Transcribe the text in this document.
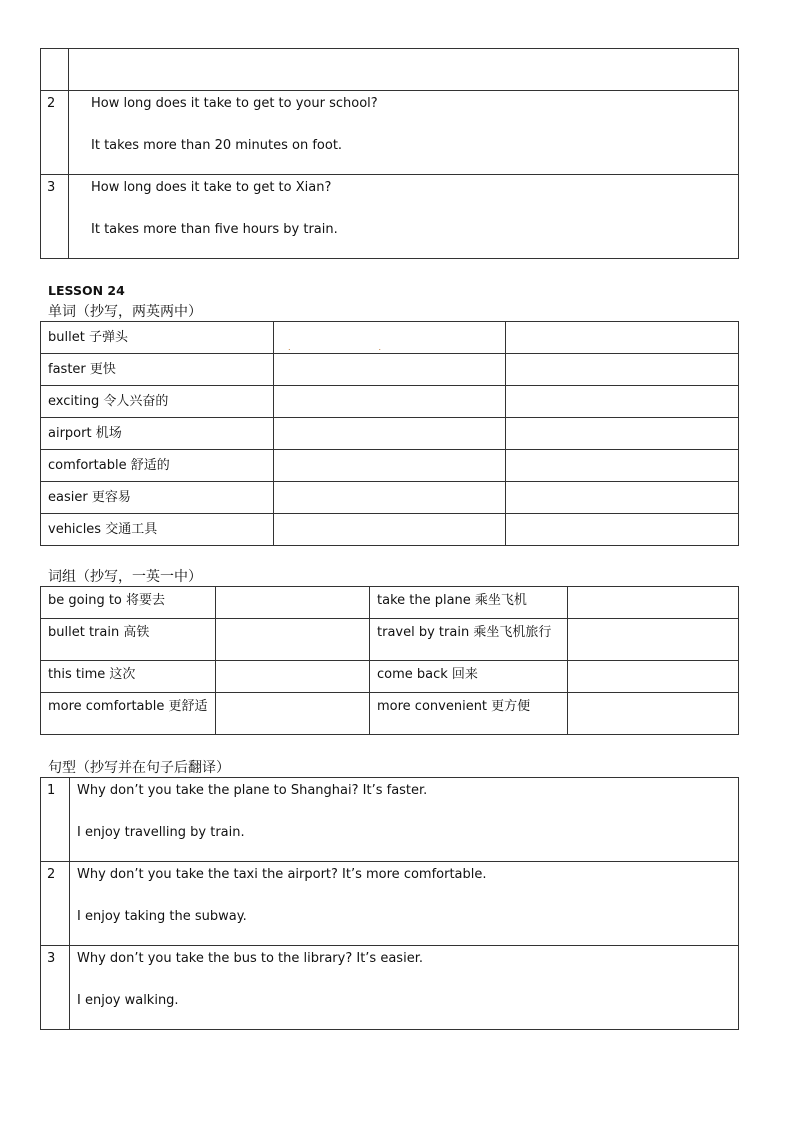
2	How long does it take to get to your school?
It takes more than 20 minutes on foot.

3	How long does it take to get to Xian?
It takes more than five hours by train.
LESSON 24
单词（抄写，两英两中）
bullet 子弹头		
faster 更快		
exciting 令人兴奋的		
airport 机场		
comfortable 舒适的		
easier 更容易		
vehicles 交通工具		
..
词组（抄写，一英一中）
be going to 将要去		take the plane 乘坐飞机	
bullet train 高铁		travel by train 乘坐飞机旅行	
this time 这次		come back 回来	
more comfortable 更舒适		more convenient 更方便	
句型（抄写并在句子后翻译）
1	Why don’t you take the plane to Shanghai? It’s faster.
I enjoy travelling by train.

2	Why don’t you take the taxi the airport? It’s more comfortable.
I enjoy taking the subway.

3	Why don’t you take the bus to the library? It’s easier.
I enjoy walking.
